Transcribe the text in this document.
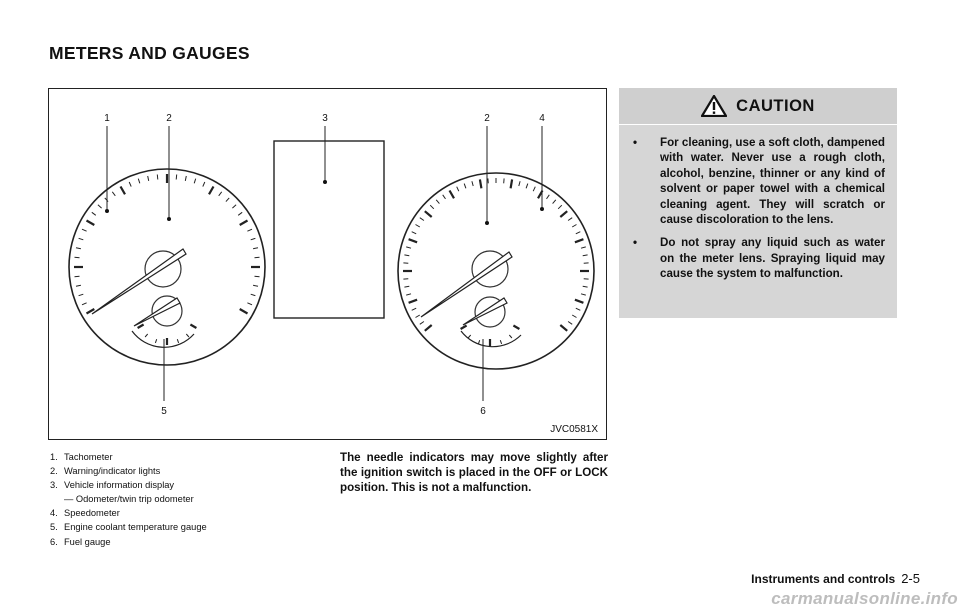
METERS AND GAUGES
1	2	3	2	4
5	6
JVC0581X
1. Tachometer
2. Warning/indicator lights
3. Vehicle information display
— Odometer/twin trip odometer
4. Speedometer
5. Engine coolant temperature gauge
6. Fuel gauge
The needle indicators may move slightly after the ignition switch is placed in the OFF or LOCK position. This is not a malfunction.
CAUTION
• For cleaning, use a soft cloth, dampened with water. Never use a rough cloth, alcohol, benzine, thinner or any kind of solvent or paper towel with a chemical cleaning agent. They will scratch or cause discoloration to the lens.
• Do not spray any liquid such as water on the meter lens. Spraying liquid may cause the system to malfunction.
Instruments and controls 2-5
carmanualsonline.info
